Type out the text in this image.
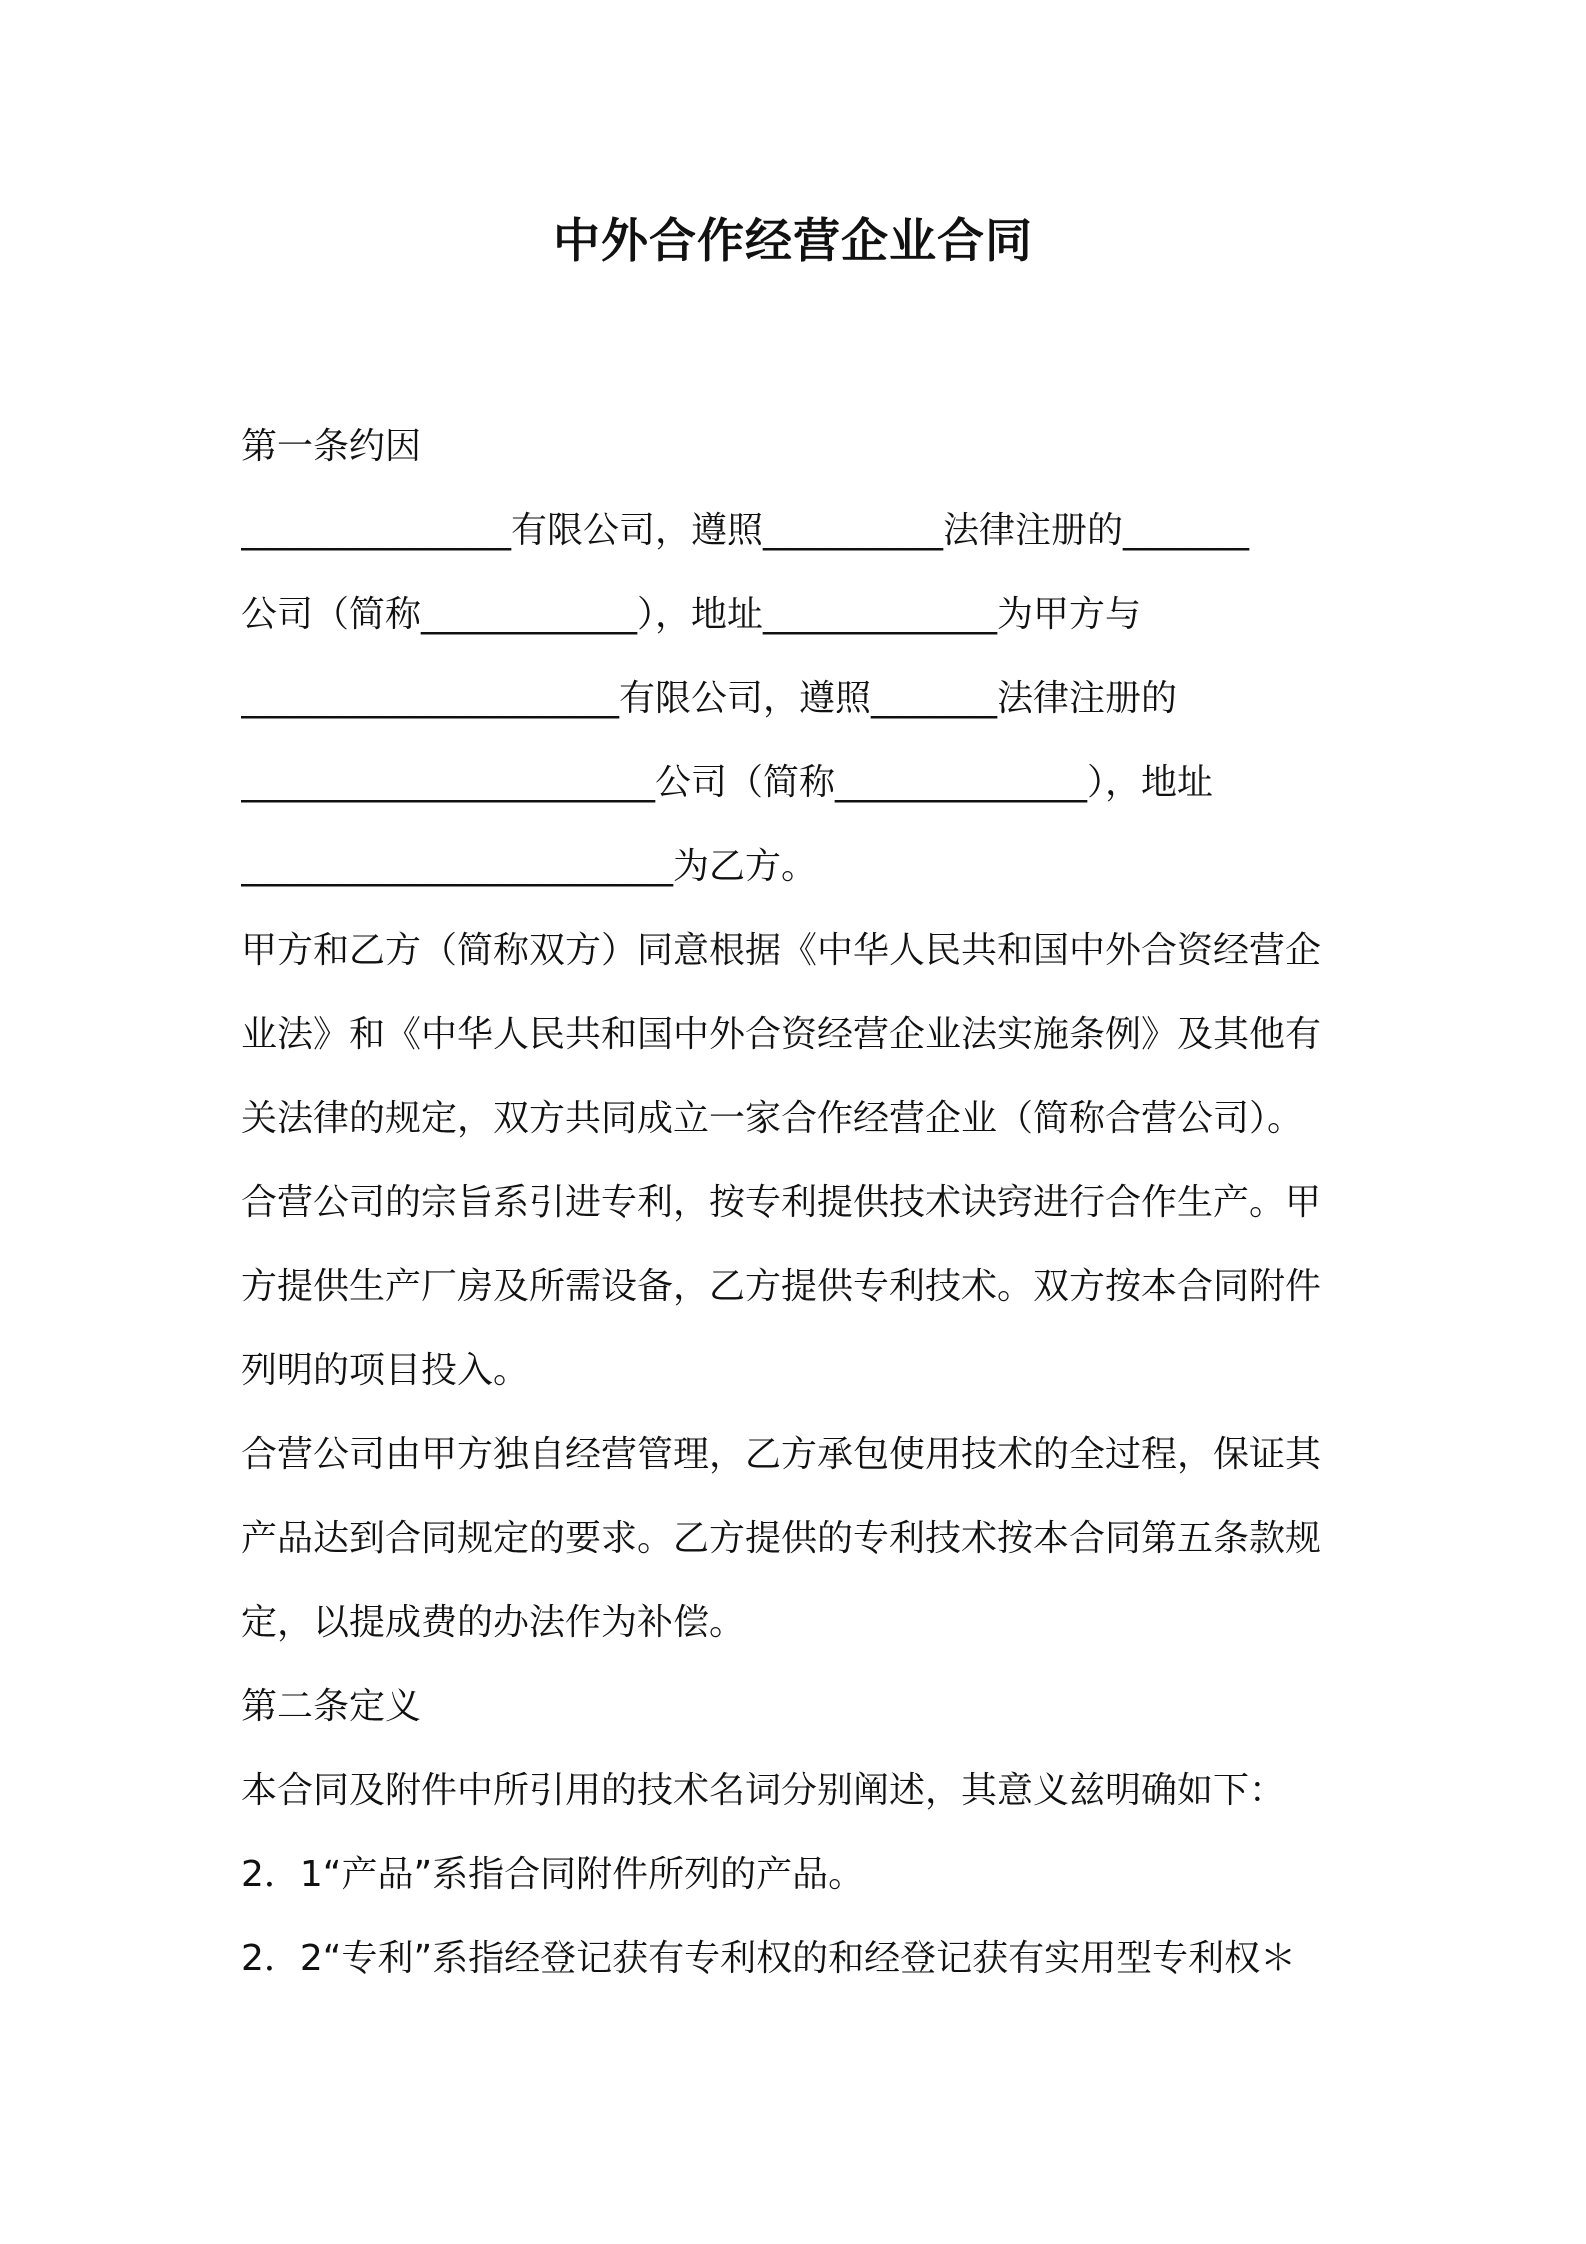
中外合作经营企业合同
第一条约因
_______________有限公司，遵照__________法律注册的_______
公司（简称____________），地址_____________为甲方与
_____________________有限公司，遵照_______法律注册的
_______________________公司（简称______________），地址
________________________为乙方。
甲方和乙方（简称双方）同意根据《中华人民共和国中外合资经营企
业法》和《中华人民共和国中外合资经营企业法实施条例》及其他有
关法律的规定，双方共同成立一家合作经营企业（简称合营公司）。
合营公司的宗旨系引进专利，按专利提供技术诀窍进行合作生产。甲
方提供生产厂房及所需设备，乙方提供专利技术。双方按本合同附件
列明的项目投入。
合营公司由甲方独自经营管理，乙方承包使用技术的全过程，保证其
产品达到合同规定的要求。乙方提供的专利技术按本合同第五条款规
定，以提成费的办法作为补偿。
第二条定义
本合同及附件中所引用的技术名词分别阐述，其意义兹明确如下：
2．1“产品”系指合同附件所列的产品。
2．2“专利”系指经登记获有专利权的和经登记获有实用型专利权＊
